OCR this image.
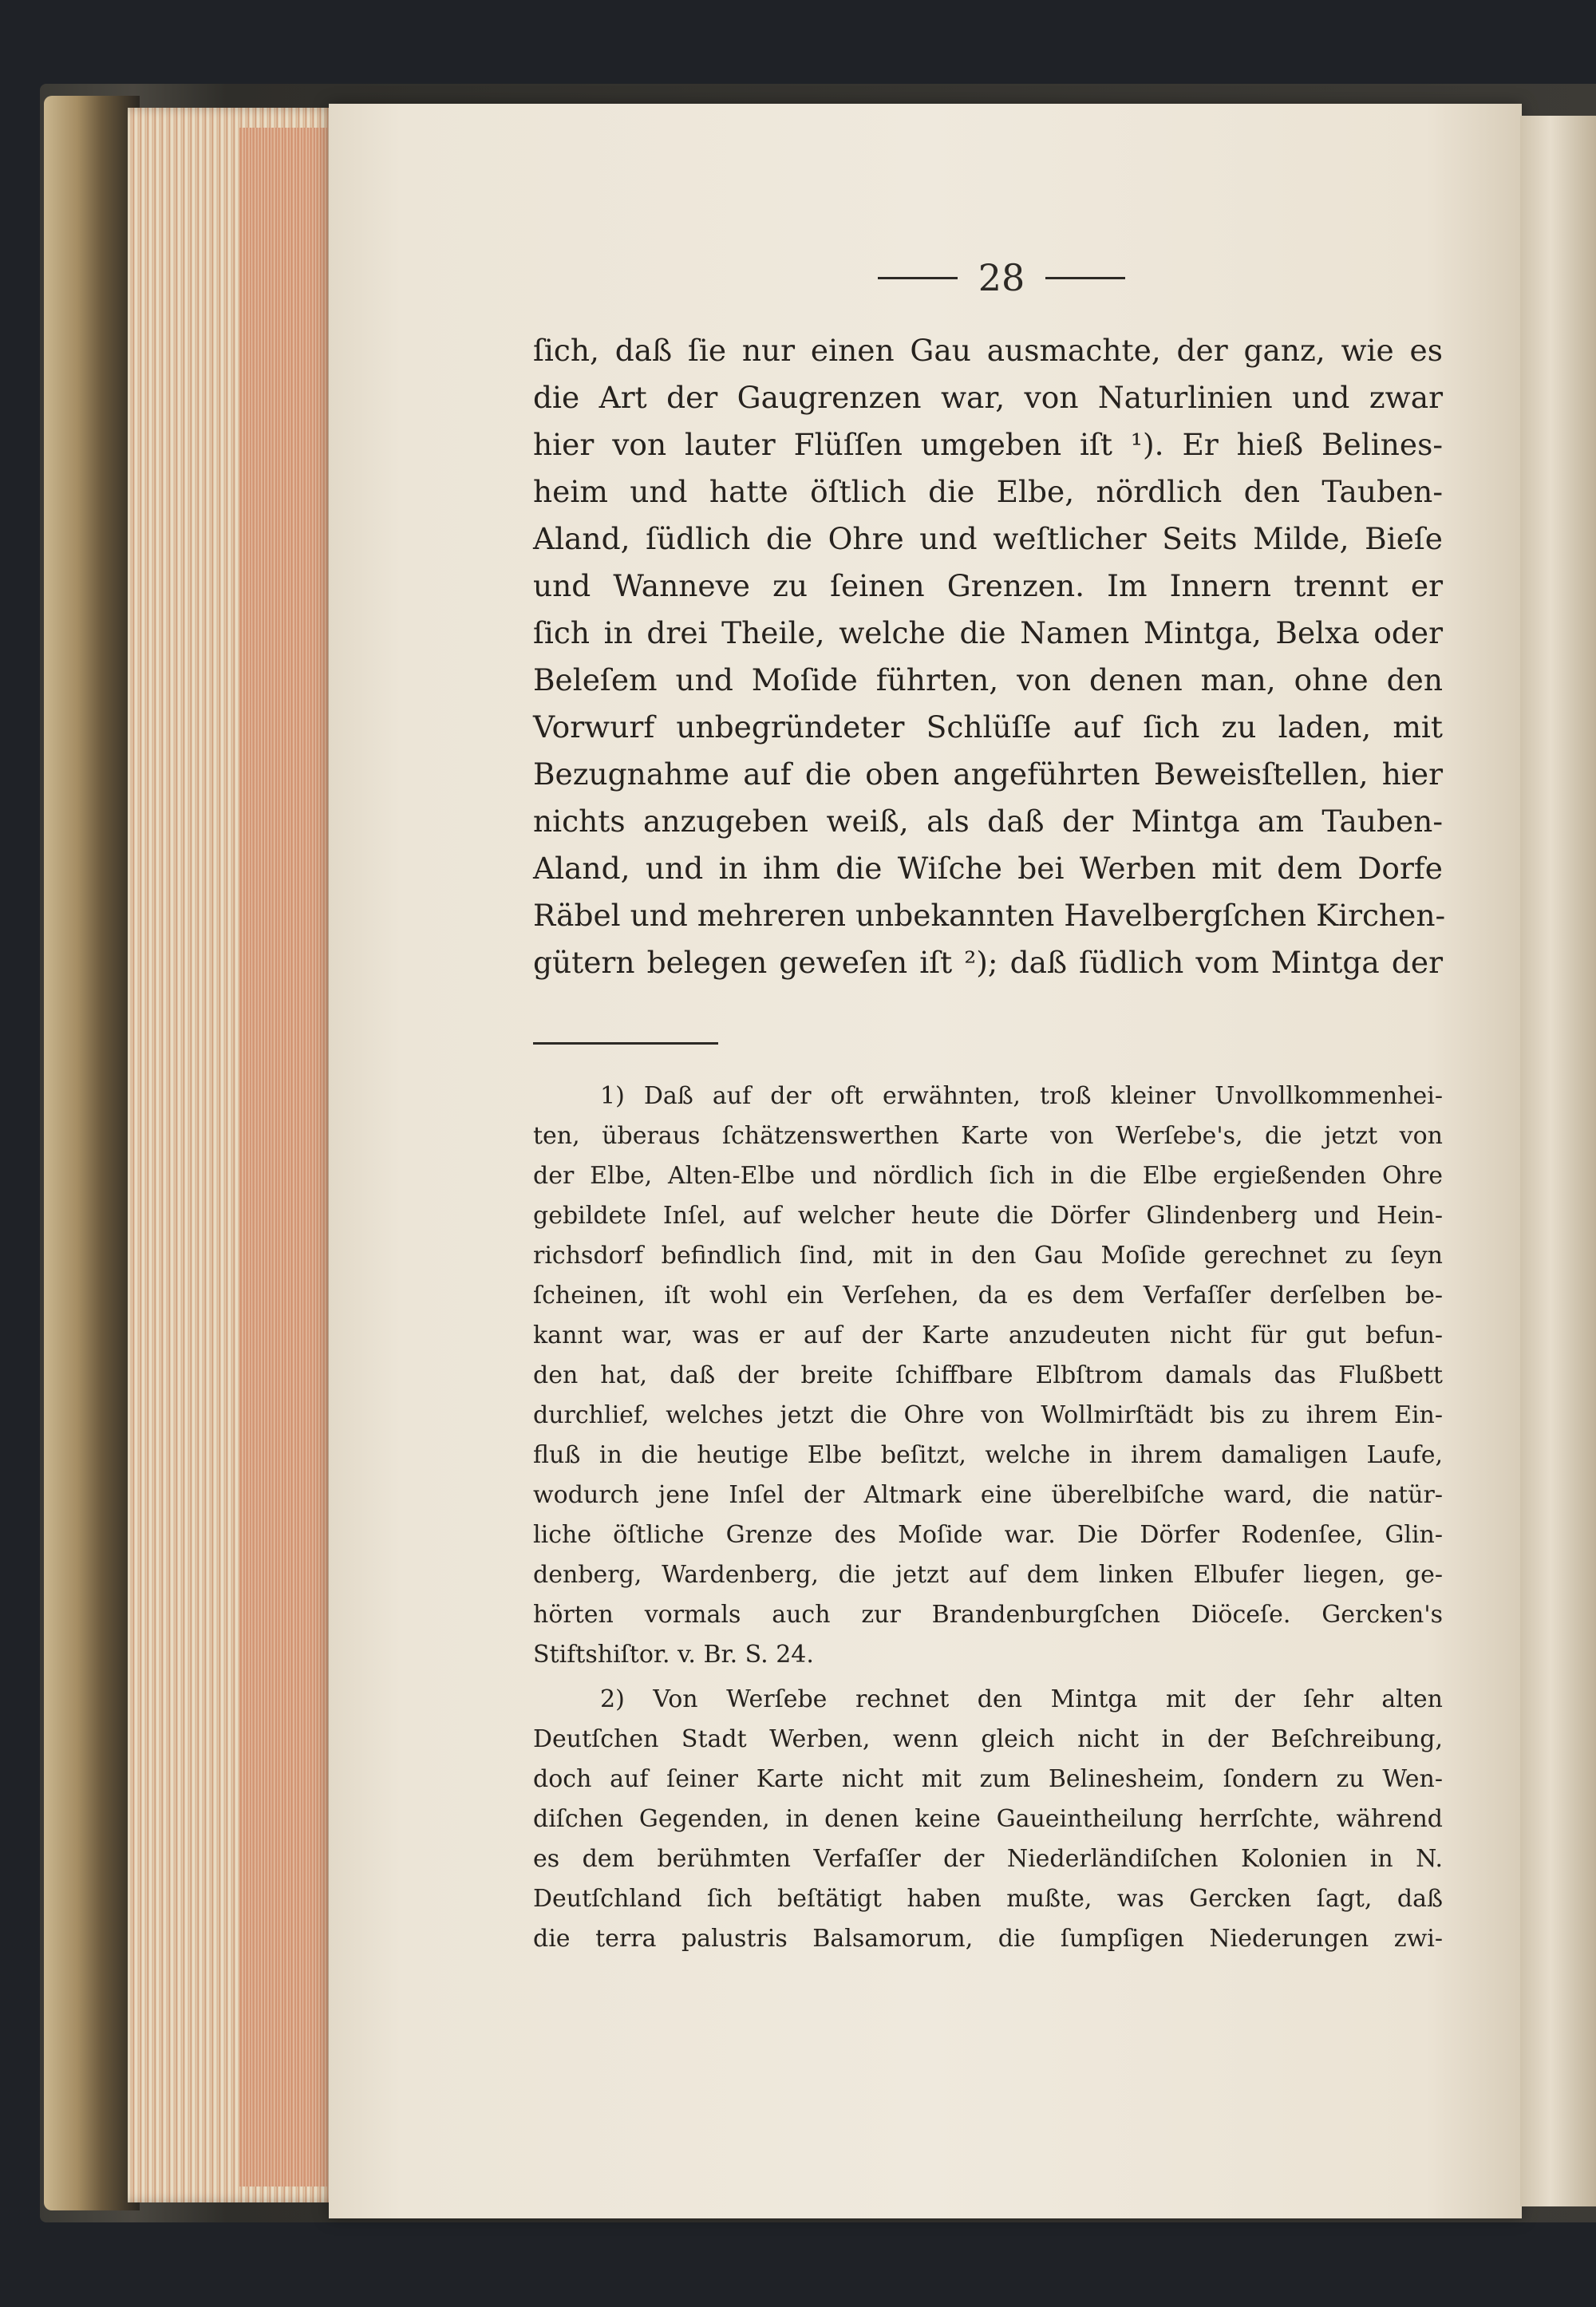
28
ſich, daß ſie nur einen Gau ausmachte, der ganz, wie es
die Art der Gaugrenzen war, von Naturlinien und zwar
hier von lauter Flüſſen umgeben iſt ¹). Er hieß Belines-
heim und hatte öſtlich die Elbe, nördlich den Tauben-
Aland, ſüdlich die Ohre und weſtlicher Seits Milde, Bieſe
und Wanneve zu ſeinen Grenzen. Im Innern trennt er
ſich in drei Theile, welche die Namen Mintga, Belxa oder
Beleſem und Moſide führten, von denen man, ohne den
Vorwurf unbegründeter Schlüſſe auf ſich zu laden, mit
Bezugnahme auf die oben angeführten Beweisſtellen, hier
nichts anzugeben weiß, als daß der Mintga am Tauben-
Aland, und in ihm die Wiſche bei Werben mit dem Dorfe
Räbel und mehreren unbekannten Havelbergſchen Kirchen-
gütern belegen geweſen iſt ²); daß ſüdlich vom Mintga der
1) Daß auf der oft erwähnten, troß kleiner Unvollkommenhei-
ten, überaus ſchätzenswerthen Karte von Werſebe's, die jetzt von
der Elbe, Alten-Elbe und nördlich ſich in die Elbe ergießenden Ohre
gebildete Inſel, auf welcher heute die Dörfer Glindenberg und Hein-
richsdorf befindlich ſind, mit in den Gau Moſide gerechnet zu ſeyn
ſcheinen, iſt wohl ein Verſehen, da es dem Verfaſſer derſelben be-
kannt war, was er auf der Karte anzudeuten nicht für gut befun-
den hat, daß der breite ſchiffbare Elbſtrom damals das Flußbett
durchlief, welches jetzt die Ohre von Wollmirſtädt bis zu ihrem Ein-
fluß in die heutige Elbe beſitzt, welche in ihrem damaligen Laufe,
wodurch jene Inſel der Altmark eine überelbiſche ward, die natür-
liche öſtliche Grenze des Moſide war. Die Dörfer Rodenſee, Glin-
denberg, Wardenberg, die jetzt auf dem linken Elbufer liegen, ge-
hörten vormals auch zur Brandenburgſchen Diöceſe. Gercken's
Stiftshiſtor. v. Br. S. 24.
2) Von Werſebe rechnet den Mintga mit der ſehr alten
Deutſchen Stadt Werben, wenn gleich nicht in der Beſchreibung,
doch auf ſeiner Karte nicht mit zum Belinesheim, ſondern zu Wen-
diſchen Gegenden, in denen keine Gaueintheilung herrſchte, während
es dem berühmten Verfaſſer der Niederländiſchen Kolonien in N.
Deutſchland ſich beſtätigt haben mußte, was Gercken ſagt, daß
die terra palustris Balsamorum, die ſumpſigen Niederungen zwi-
